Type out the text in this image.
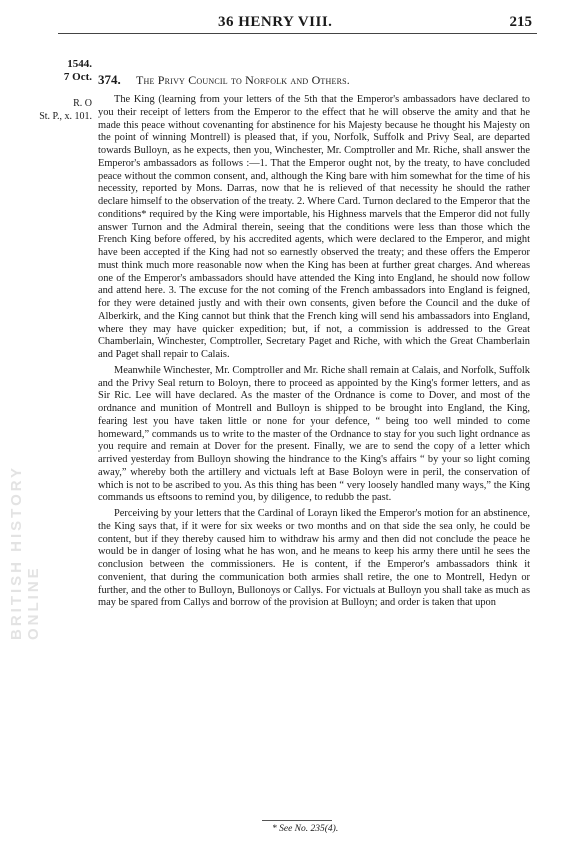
36 HENRY VIII.	215
1544.
7 Oct.
R. O
St. P., x. 101.
374. The Privy Council to Norfolk and Others.

The King (learning from your letters of the 5th that the Emperor's ambassadors have declared to you their receipt of letters from the Emperor to the effect that he will observe the amity and that he made this peace without covenanting for abstinence for his Majesty because he thought his Majesty on the point of winning Montrell) is pleased that, if you, Norfolk, Suffolk and Privy Seal, are departed towards Bulloyn, as he expects, then you, Winchester, Mr. Comptroller and Mr. Riche, shall answer the Emperor's ambassadors as follows :—1. That the Emperor ought not, by the treaty, to have concluded peace without the common consent, and, although the King bare with him somewhat for the time of his necessity, reported by Mons. Darras, now that he is relieved of that necessity he should the rather declare himself to the observation of the treaty. 2. Where Card. Turnon declared to the Emperor that the conditions* required by the King were importable, his Highness marvels that the Emperor did not fully answer Turnon and the Admiral therein, seeing that the conditions were less than those which the French King before offered, by his accredited agents, which were declared to the Emperor, and might have been accepted if the King had not so earnestly observed the treaty; and these offers the Emperor must think much more reasonable now when the King has been at further great charges. And whereas one of the Emperor's ambassadors should have attended the King into England, he should now follow and attend here. 3. The excuse for the not coming of the French ambassadors into England is feigned, for they were detained justly and with their own consents, given before the Council and the duke of Alberkirk, and the King cannot but think that the French king will send his ambassadors into England, where they may have quicker expedition; but, if not, a commission is addressed to the Great Chamberlain, Winchester, Comptroller, Secretary Paget and Riche, with which the Great Chamberlain and Paget shall repair to Calais.

Meanwhile Winchester, Mr. Comptroller and Mr. Riche shall remain at Calais, and Norfolk, Suffolk and the Privy Seal return to Boloyn, there to proceed as appointed by the King's former letters, and as Sir Ric. Lee will have declared. As the master of the Ordnance is come to Dover, and most of the ordnance and munition of Montrell and Bulloyn is shipped to be brought into England, the King, fearing lest you have taken little or none for your defence, “ being too well minded to come homeward,” commands us to write to the master of the Ordnance to stay for you such light ordnance as you require and remain at Dover for the present. Finally, we are to send the copy of a letter which arrived yesterday from Bulloyn showing the hindrance to the King's affairs “ by your so light coming away,” whereby both the artillery and victuals left at Base Boloyn were in peril, the conservation of which is not to be ascribed to you. As this thing has been “ very loosely handled many ways,” the King commands us eftsoons to remind you, by diligence, to redubb the past.

Perceiving by your letters that the Cardinal of Lorayn liked the Emperor's motion for an abstinence, the King says that, if it were for six weeks or two months and on that side the sea only, he could be content, but if they thereby caused him to withdraw his army and then did not conclude the peace he would be in danger of losing what he has won, and he means to keep his army there until he sees the conclusion between the commissioners. He is content, if the Emperor's ambassadors think it convenient, that during the communication both armies shall retire, the one to Montrell, Hedyn or further, and the other to Bulloyn, Bullonoys or Callys. For victuals at Bulloyn you shall take as much as may be spared from Callys and borrow of the provision at Bulloyn; and order is taken that upon

* See No. 235(4).
BRITISH HISTORY ONLINE
